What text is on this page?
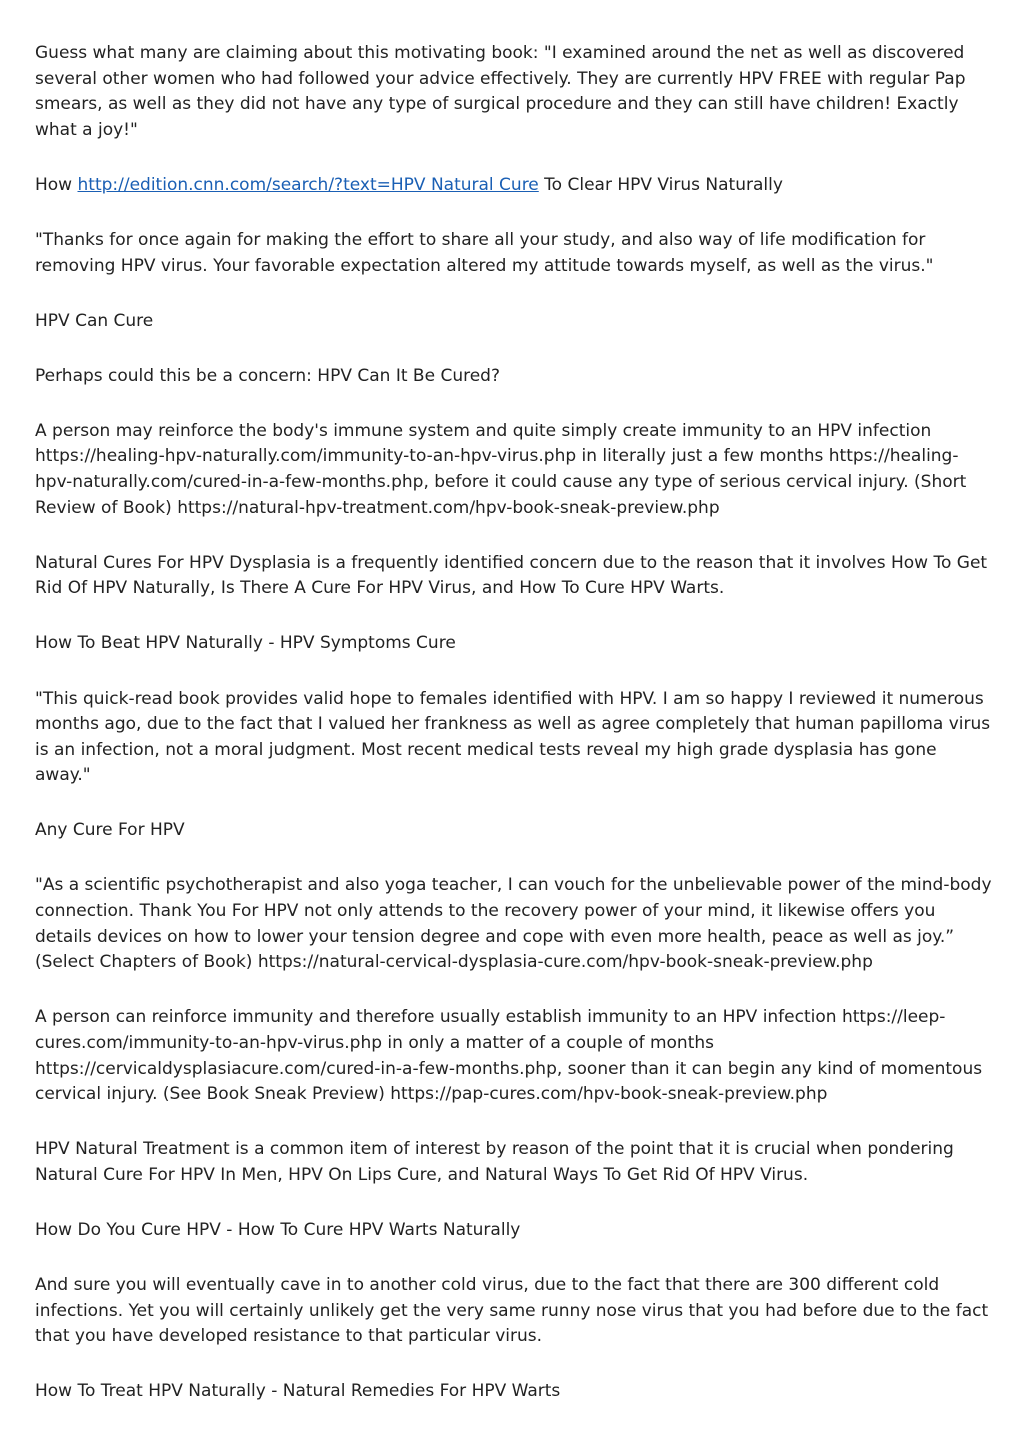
Guess what many are claiming about this motivating book: "I examined around the net as well as discovered several other women who had followed your advice effectively. They are currently HPV FREE with regular Pap smears, as well as they did not have any type of surgical procedure and they can still have children! Exactly what a joy!"

How http://edition.cnn.com/search/?text=HPV Natural Cure To Clear HPV Virus Naturally

"Thanks for once again for making the effort to share all your study, and also way of life modification for removing HPV virus. Your favorable expectation altered my attitude towards myself, as well as the virus."

HPV Can Cure

Perhaps could this be a concern: HPV Can It Be Cured?

A person may reinforce the body's immune system and quite simply create immunity to an HPV infection https://healing-hpv-naturally.com/immunity-to-an-hpv-virus.php in literally just a few months https://healing-hpv-naturally.com/cured-in-a-few-months.php, before it could cause any type of serious cervical injury. (Short Review of Book) https://natural-hpv-treatment.com/hpv-book-sneak-preview.php

Natural Cures For HPV Dysplasia is a frequently identified concern due to the reason that it involves How To Get Rid Of HPV Naturally, Is There A Cure For HPV Virus, and How To Cure HPV Warts.

How To Beat HPV Naturally - HPV Symptoms Cure

"This quick-read book provides valid hope to females identified with HPV. I am so happy I reviewed it numerous months ago, due to the fact that I valued her frankness as well as agree completely that human papilloma virus is an infection, not a moral judgment. Most recent medical tests reveal my high grade dysplasia has gone away."

Any Cure For HPV

"As a scientific psychotherapist and also yoga teacher, I can vouch for the unbelievable power of the mind-body connection. Thank You For HPV not only attends to the recovery power of your mind, it likewise offers you details devices on how to lower your tension degree and cope with even more health, peace as well as joy.” (Select Chapters of Book) https://natural-cervical-dysplasia-cure.com/hpv-book-sneak-preview.php

A person can reinforce immunity and therefore usually establish immunity to an HPV infection https://leep-cures.com/immunity-to-an-hpv-virus.php in only a matter of a couple of months https://cervicaldysplasiacure.com/cured-in-a-few-months.php, sooner than it can begin any kind of momentous cervical injury. (See Book Sneak Preview) https://pap-cures.com/hpv-book-sneak-preview.php

HPV Natural Treatment is a common item of interest by reason of the point that it is crucial when pondering Natural Cure For HPV In Men, HPV On Lips Cure, and Natural Ways To Get Rid Of HPV Virus.

How Do You Cure HPV - How To Cure HPV Warts Naturally

And sure you will eventually cave in to another cold virus, due to the fact that there are 300 different cold infections. Yet you will certainly unlikely get the very same runny nose virus that you had before due to the fact that you have developed resistance to that particular virus.

How To Treat HPV Naturally - Natural Remedies For HPV Warts
